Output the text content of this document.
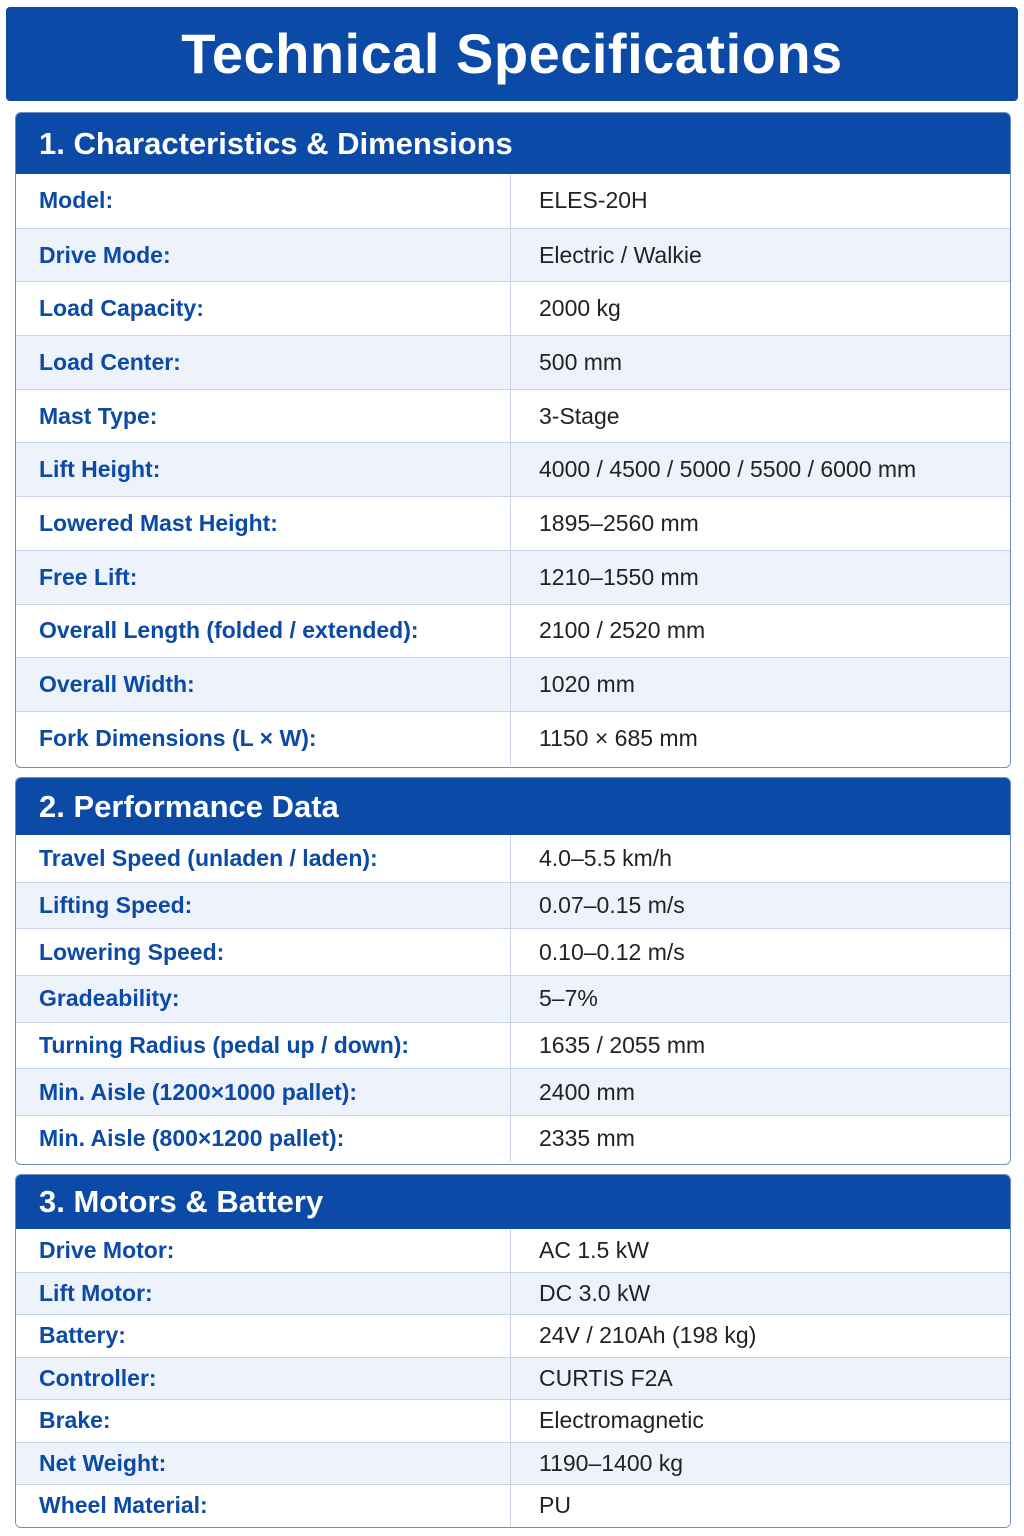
Technical Specifications
1. Characteristics & Dimensions
Model:	ELES-20H
Drive Mode:	Electric / Walkie
Load Capacity:	2000 kg
Load Center:	500 mm
Mast Type:	3-Stage
Lift Height:	4000 / 4500 / 5000 / 5500 / 6000 mm
Lowered Mast Height:	1895–2560 mm
Free Lift:	1210–1550 mm
Overall Length (folded / extended):	2100 / 2520 mm
Overall Width:	1020 mm
Fork Dimensions (L × W):	1150 × 685 mm
2. Performance Data
Travel Speed (unladen / laden):	4.0–5.5 km/h
Lifting Speed:	0.07–0.15 m/s
Lowering Speed:	0.10–0.12 m/s
Gradeability:	5–7%
Turning Radius (pedal up / down):	1635 / 2055 mm
Min. Aisle (1200×1000 pallet):	2400 mm
Min. Aisle (800×1200 pallet):	2335 mm
3. Motors & Battery
Drive Motor:	AC 1.5 kW
Lift Motor:	DC 3.0 kW
Battery:	24V / 210Ah (198 kg)
Controller:	CURTIS F2A
Brake:	Electromagnetic
Net Weight:	1190–1400 kg
Wheel Material:	PU
